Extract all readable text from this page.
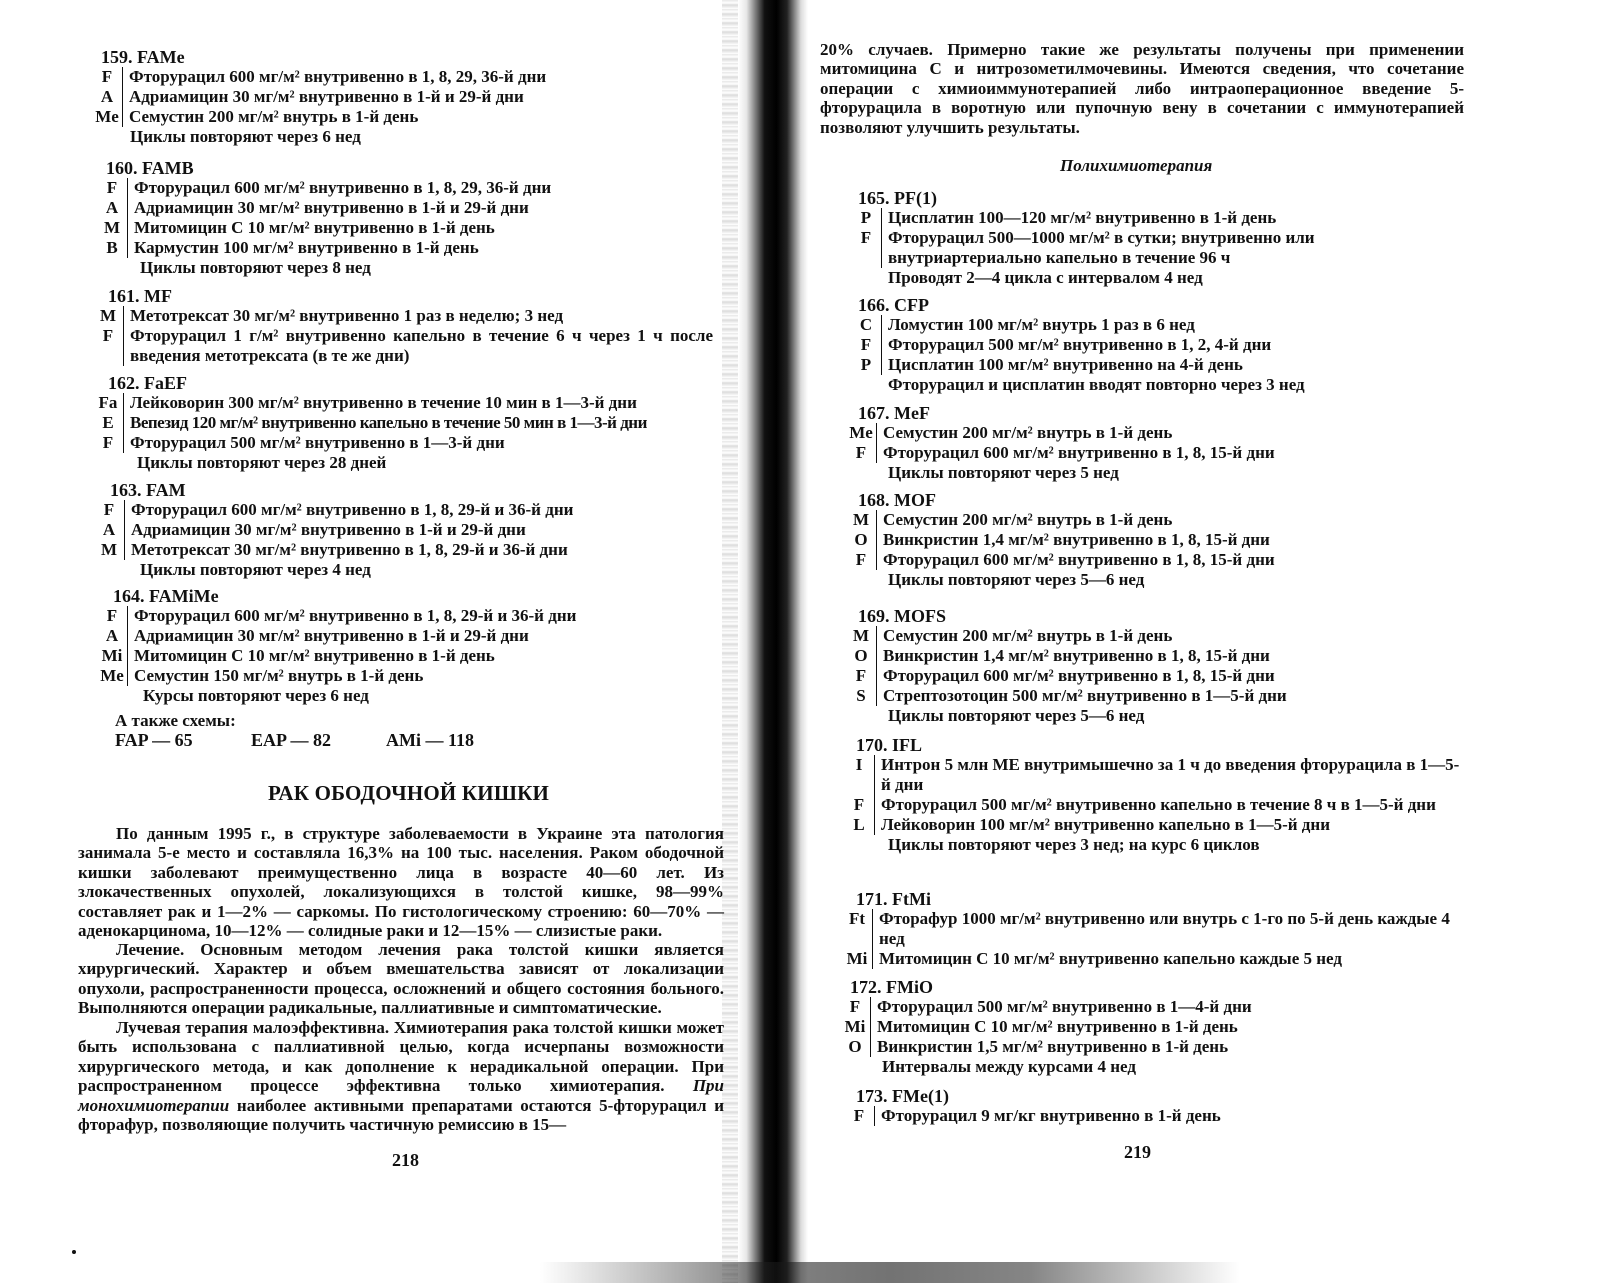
159. FAMe
F Фторурацил 600 мг/м² внутривенно в 1, 8, 29, 36-й дни
A Адриамицин 30 мг/м² внутривенно в 1-й и 29-й дни
Me Семустин 200 мг/м² внутрь в 1-й день
Циклы повторяют через 6 нед
160. FAMB
F Фторурацил 600 мг/м² внутривенно в 1, 8, 29, 36-й дни
A Адриамицин 30 мг/м² внутривенно в 1-й и 29-й дни
M Митомицин С 10 мг/м² внутривенно в 1-й день
B Кармустин 100 мг/м² внутривенно в 1-й день
Циклы повторяют через 8 нед
161. MF
M Метотрексат 30 мг/м² внутривенно 1 раз в неделю; 3 нед
F Фторурацил 1 г/м² внутривенно капельно в течение 6 ч через 1 ч после введения метотрексата (в те же дни)
162. FaEF
Fa Лейковорин 300 мг/м² внутривенно в течение 10 мин в 1—3-й дни
E Вепезид 120 мг/м² внутривенно капельно в течение 50 мин в 1—3-й дни
F Фторурацил 500 мг/м² внутривенно в 1—3-й дни
Циклы повторяют через 28 дней
163. FAM
F Фторурацил 600 мг/м² внутривенно в 1, 8, 29-й и 36-й дни
A Адриамицин 30 мг/м² внутривенно в 1-й и 29-й дни
M Метотрексат 30 мг/м² внутривенно в 1, 8, 29-й и 36-й дни
Циклы повторяют через 4 нед
164. FAMiMe
F Фторурацил 600 мг/м² внутривенно в 1, 8, 29-й и 36-й дни
A Адриамицин 30 мг/м² внутривенно в 1-й и 29-й дни
Mi Митомицин С 10 мг/м² внутривенно в 1-й день
Me Семустин 150 мг/м² внутрь в 1-й день
Курсы повторяют через 6 нед
А также схемы:
FAP — 65	EAP — 82	AMi — 118
РАК ОБОДОЧНОЙ КИШКИ
По данным 1995 г., в структуре заболеваемости в Украине эта патология занимала 5-е место и составляла 16,3% на 100 тыс. населения. Раком ободочной кишки заболевают преимущественно лица в возрасте 40—60 лет. Из злокачественных опухолей, локализующихся в толстой кишке, 98—99% составляет рак и 1—2% — саркомы. По гистологическому строению: 60—70% — аденокарцинома, 10—12% — солидные раки и 12—15% — слизистые раки.
Лечение. Основным методом лечения рака толстой кишки является хирургический. Характер и объем вмешательства зависят от локализации опухоли, распространенности процесса, осложнений и общего состояния больного. Выполняются операции радикальные, паллиативные и симптоматические.
Лучевая терапия малоэффективна. Химиотерапия рака толстой кишки может быть использована с паллиативной целью, когда исчерпаны возможности хирургического метода, и как дополнение к нерадикальной операции. При распространенном процессе эффективна только химиотерапия. При монохимиотерапии наиболее активными препаратами остаются 5-фторурацил и фторафур, позволяющие получить частичную ремиссию в 15—
218
20% случаев. Примерно такие же результаты получены при применении митомицина С и нитрозометилмочевины. Имеются сведения, что сочетание операции с химиоиммунотерапией либо интраоперационное введение 5-фторурацила в воротную или пупочную вену в сочетании с иммунотерапией позволяют улучшить результаты.
Полихимиотерапия
165. PF(1)
P Цисплатин 100—120 мг/м² внутривенно в 1-й день
F Фторурацил 500—1000 мг/м² в сутки; внутривенно или внутриартериально капельно в течение 96 ч
Проводят 2—4 цикла с интервалом 4 нед
166. CFP
C Ломустин 100 мг/м² внутрь 1 раз в 6 нед
F Фторурацил 500 мг/м² внутривенно в 1, 2, 4-й дни
P Цисплатин 100 мг/м² внутривенно на 4-й день
Фторурацил и цисплатин вводят повторно через 3 нед
167. MeF
Me Семустин 200 мг/м² внутрь в 1-й день
F Фторурацил 600 мг/м² внутривенно в 1, 8, 15-й дни
Циклы повторяют через 5 нед
168. MOF
M Семустин 200 мг/м² внутрь в 1-й день
O Винкристин 1,4 мг/м² внутривенно в 1, 8, 15-й дни
F Фторурацил 600 мг/м² внутривенно в 1, 8, 15-й дни
Циклы повторяют через 5—6 нед
169. MOFS
M Семустин 200 мг/м² внутрь в 1-й день
O Винкристин 1,4 мг/м² внутривенно в 1, 8, 15-й дни
F Фторурацил 600 мг/м² внутривенно в 1, 8, 15-й дни
S	Стрептозотоцин 500 мг/м² внутривенно в 1—5-й дни
Циклы повторяют через 5—6 нед
170. IFL
I	Интрон 5 млн МЕ внутримышечно за 1 ч до введения фторурацила в 1—5-й дни
F Фторурацил 500 мг/м² внутривенно капельно в течение 8 ч в 1—5-й дни
L Лейковорин 100 мг/м² внутривенно капельно в 1—5-й дни
Циклы повторяют через 3 нед; на курс 6 циклов
171. FtMi
Ft Фторафур 1000 мг/м² внутривенно или внутрь с 1-го по 5-й день каждые 4 нед
Mi Митомицин С 10 мг/м² внутривенно капельно каждые 5 нед
172. FMiO
F Фторурацил 500 мг/м² внутривенно в 1—4-й дни
Mi Митомицин С 10 мг/м² внутривенно в 1-й день
O Винкристин 1,5 мг/м² внутривенно в 1-й день
Интервалы между курсами 4 нед
173. FMe(1)
F Фторурацил 9 мг/кг внутривенно в 1-й день
219
